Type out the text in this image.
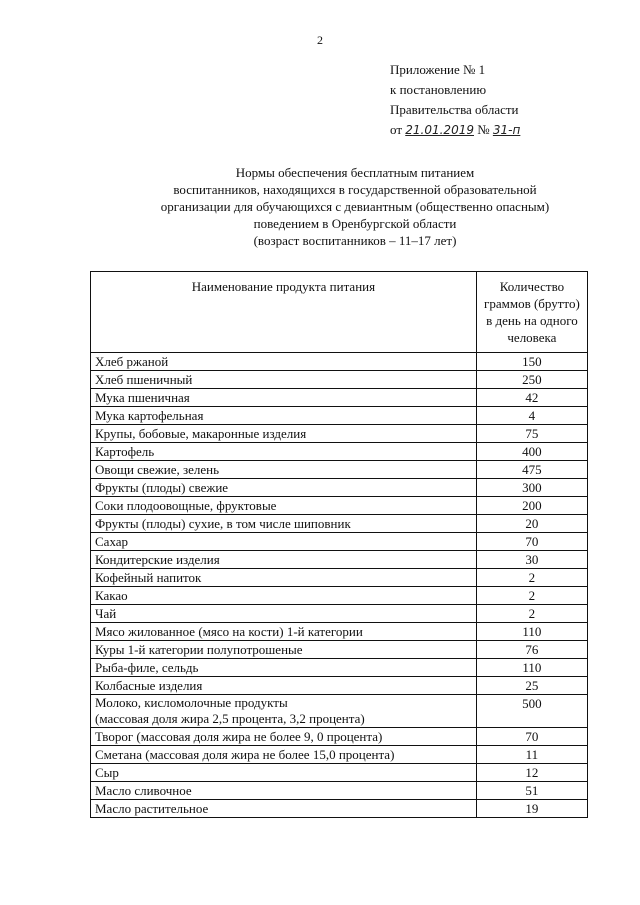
2
Приложение № 1
к постановлению
Правительства области
от 21.01.2019 № 31-п
Нормы обеспечения бесплатным питанием
воспитанников, находящихся в государственной образовательной
организации для обучающихся с девиантным (общественно опасным)
поведением в Оренбургской области
(возраст воспитанников – 11–17 лет)
Наименование продукта питания	Количество граммов (брутто) в день на одного человека
Хлеб ржаной	150
Хлеб пшеничный	250
Мука пшеничная	42
Мука картофельная	4
Крупы, бобовые, макаронные изделия	75
Картофель	400
Овощи свежие, зелень	475
Фрукты (плоды) свежие	300
Соки плодоовощные, фруктовые	200
Фрукты (плоды) сухие, в том числе шиповник	20
Сахар	70
Кондитерские изделия	30
Кофейный напиток	2
Какао	2
Чай	2
Мясо жилованное (мясо на кости) 1-й категории	110
Куры 1-й категории полупотрошеные	76
Рыба-филе, сельдь	110
Колбасные изделия	25

Молоко, кисломолочные продукты
(массовая доля жира 2,5 процента, 3,2 процента)	500
Творог (массовая доля жира не более 9, 0 процента)	70
Сметана (массовая доля жира не более 15,0 процента)	11
Сыр	12
Масло сливочное	51
Масло растительное	19
